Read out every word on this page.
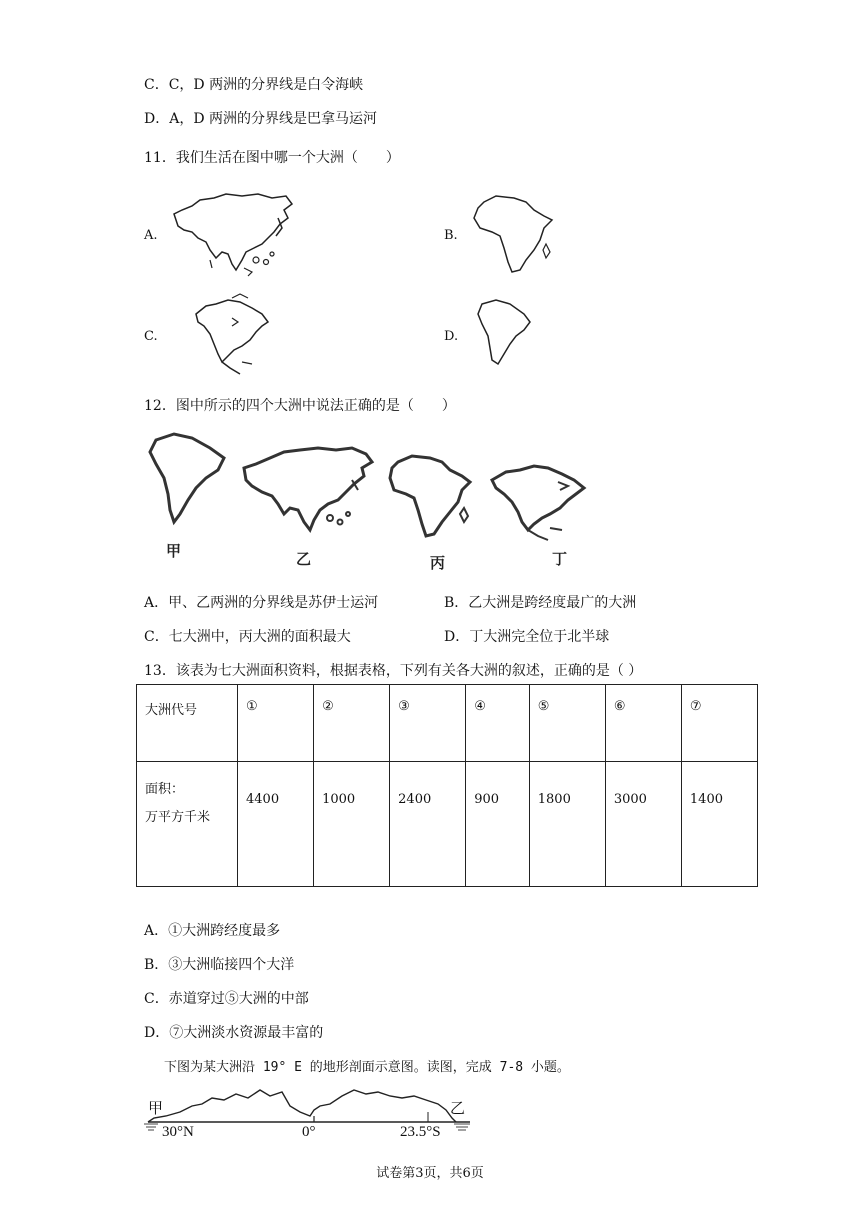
C．C，D 两洲的分界线是白令海峡
D．A，D 两洲的分界线是巴拿马运河
11．我们生活在图中哪一个大洲（　　）
A.	B.
C.	D.
12．图中所示的四个大洲中说法正确的是（　　）
甲	乙	丙	丁
A．甲、乙两洲的分界线是苏伊士运河	B．乙大洲是跨经度最广的大洲
C．七大洲中，丙大洲的面积最大	D．丁大洲完全位于北半球
13．该表为七大洲面积资料，根据表格，下列有关各大洲的叙述，正确的是（ ）
大洲代号	①	②	③	④	⑤	⑥	⑦

面积：
万平方千米	4400	1000	2400	900	1800	3000	1400
A．①大洲跨经度最多
B．③大洲临接四个大洋
C．赤道穿过⑤大洲的中部
D．⑦大洲淡水资源最丰富的
下图为某大洲沿 19° E 的地形剖面示意图。读图，完成 7-8 小题。
甲	乙
30°N	0°	23.5°S
试卷第3页，共6页
